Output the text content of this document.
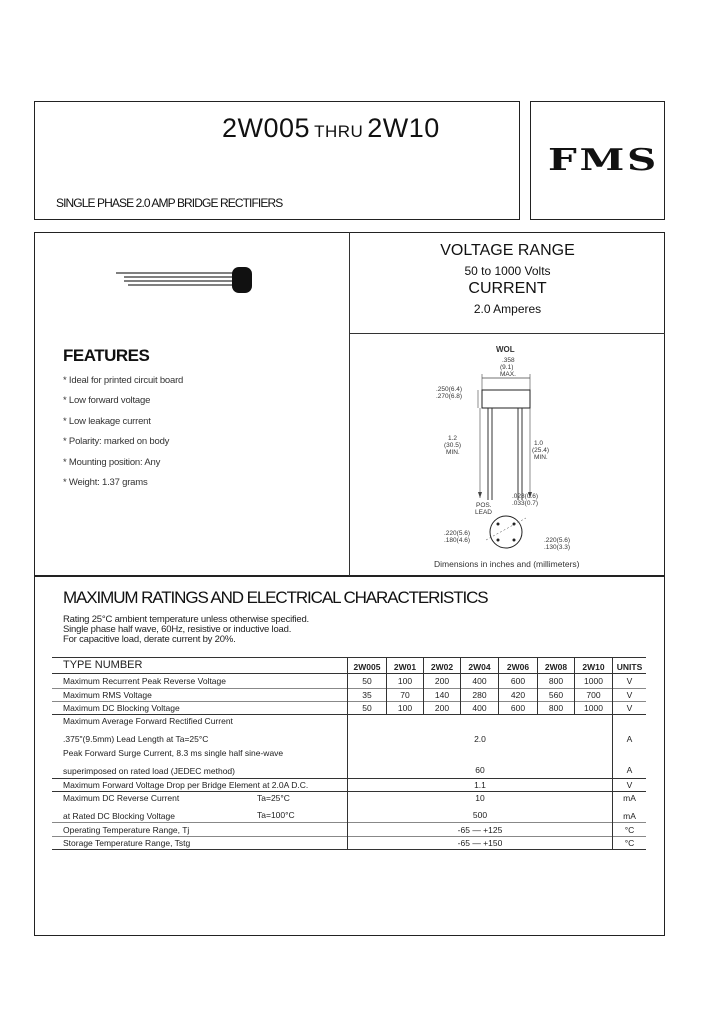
2W005 THRU 2W10
SINGLE PHASE 2.0 AMP BRIDGE RECTIFIERS
FMS
VOLTAGE RANGE
50 to 1000 Volts
CURRENT
2.0 Amperes
FEATURES
* Ideal for printed circuit board
* Low forward voltage
* Low leakage current
* Polarity: marked on body
* Mounting position: Any
* Weight: 1.37 grams
WOL
.358
(9.1)
MAX.
.250(6.4)
.270(6.8)
1.2
(30.5)
MIN.
1.0
(25.4)
MIN.
.028(0.6)
.033(0.7)
POS.
LEAD
.220(5.6)
.180(4.6)	.220(5.6)
.130(3.3)
Dimensions in inches and (millimeters)
MAXIMUM RATINGS AND ELECTRICAL CHARACTERISTICS
Rating 25°C ambient temperature unless otherwise specified.
Single phase half wave, 60Hz, resistive or inductive load.
For capacitive load, derate current by 20%.
TYPE NUMBER	2W005	2W01	2W02	2W04	2W06	2W08	2W10	UNITS
Maximum Recurrent Peak Reverse Voltage	50	100	200	400	600	800	1000	V
Maximum RMS Voltage	35	70	140	280	420	560	700	V
Maximum DC Blocking Voltage	50	100	200	400	600	800	1000	V
Maximum Average Forward Rectified Current
.375"(9.5mm) Lead Length at Ta=25°C	2.0	A
Peak Forward Surge Current, 8.3 ms single half sine-wave
superimposed on rated load (JEDEC method)	60	A
Maximum Forward Voltage Drop per Bridge Element at 2.0A D.C.	1.1	V
Maximum DC Reverse Current	Ta=25°C	10	mA
at Rated DC Blocking Voltage	Ta=100°C	500	mA
Operating Temperature Range, Tj	-65 — +125	°C
Storage Temperature Range, Tstg	-65 — +150	°C
